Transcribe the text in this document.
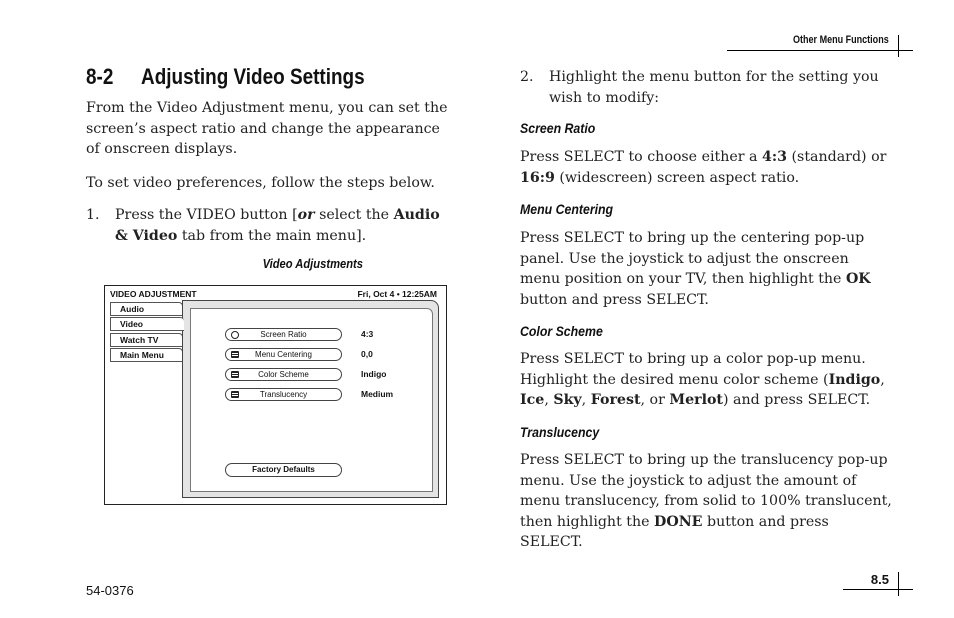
Other Menu Functions
8-2 Adjusting Video Settings
From the Video Adjustment menu, you can set the screen’s aspect ratio and change the appearance of onscreen displays.
To set video preferences, follow the steps below.
1. Press the VIDEO button [or select the Audio & Video tab from the main menu].
Video Adjustments
VIDEO ADJUSTMENT	Fri, Oct 4 • 12:25AM
Audio
Video
Watch TV
Main Menu
Screen Ratio	4:3
Menu Centering	0,0
Color Scheme	Indigo
Translucency	Medium
Factory Defaults
2. Highlight the menu button for the setting you wish to modify:
Screen Ratio
Press SELECT to choose either a 4:3 (standard) or 16:9 (widescreen) screen aspect ratio.
Menu Centering
Press SELECT to bring up the centering pop-up panel. Use the joystick to adjust the onscreen menu position on your TV, then highlight the OK button and press SELECT.
Color Scheme
Press SELECT to bring up a color pop-up menu. Highlight the desired menu color scheme (Indigo, Ice, Sky, Forest, or Merlot) and press SELECT.
Translucency
Press SELECT to bring up the translucency pop-up menu. Use the joystick to adjust the amount of menu translucency, from solid to 100% translucent, then highlight the DONE button and press SELECT.
54-0376
8.5
